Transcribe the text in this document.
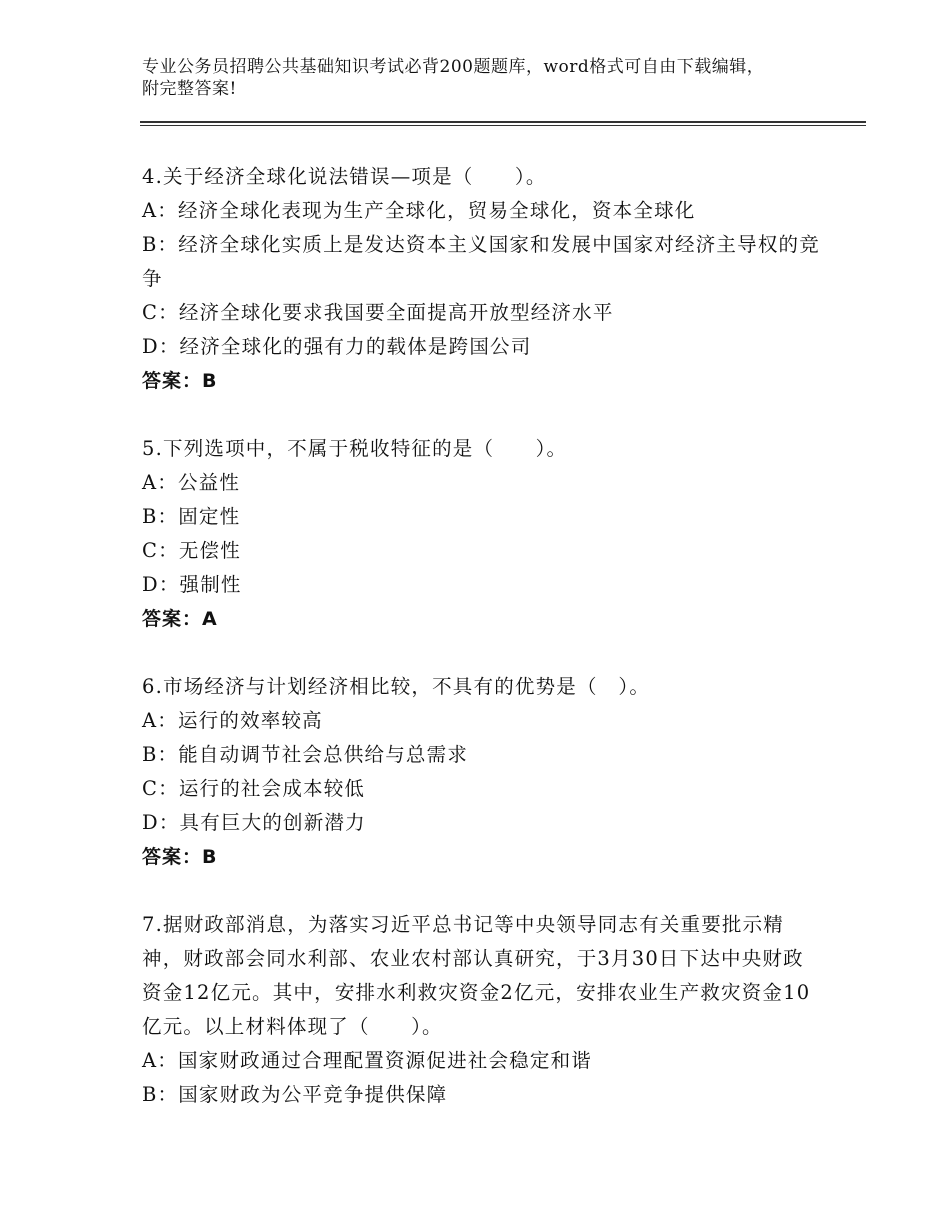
专业公务员招聘公共基础知识考试必背200题题库，word格式可自由下载编辑，
附完整答案!

4.关于经济全球化说法错误—项是（　　）。

A：经济全球化表现为生产全球化，贸易全球化，资本全球化

B：经济全球化实质上是发达资本主义国家和发展中国家对经济主导权的竞争

C：经济全球化要求我国要全面提高开放型经济水平

D：经济全球化的强有力的载体是跨国公司

答案：B

5.下列选项中，不属于税收特征的是（　　）。

A：公益性

B：固定性

C：无偿性

D：强制性

答案：A

6.市场经济与计划经济相比较，不具有的优势是（　）。

A：运行的效率较高

B：能自动调节社会总供给与总需求

C：运行的社会成本较低

D：具有巨大的创新潜力

答案：B

7.据财政部消息，为落实习近平总书记等中央领导同志有关重要批示精神，财政部会同水利部、农业农村部认真研究，于3月30日下达中央财政资金12亿元。其中，安排水利救灾资金2亿元，安排农业生产救灾资金10亿元。以上材料体现了（　　）。

A：国家财政通过合理配置资源促进社会稳定和谐

B：国家财政为公平竞争提供保障
